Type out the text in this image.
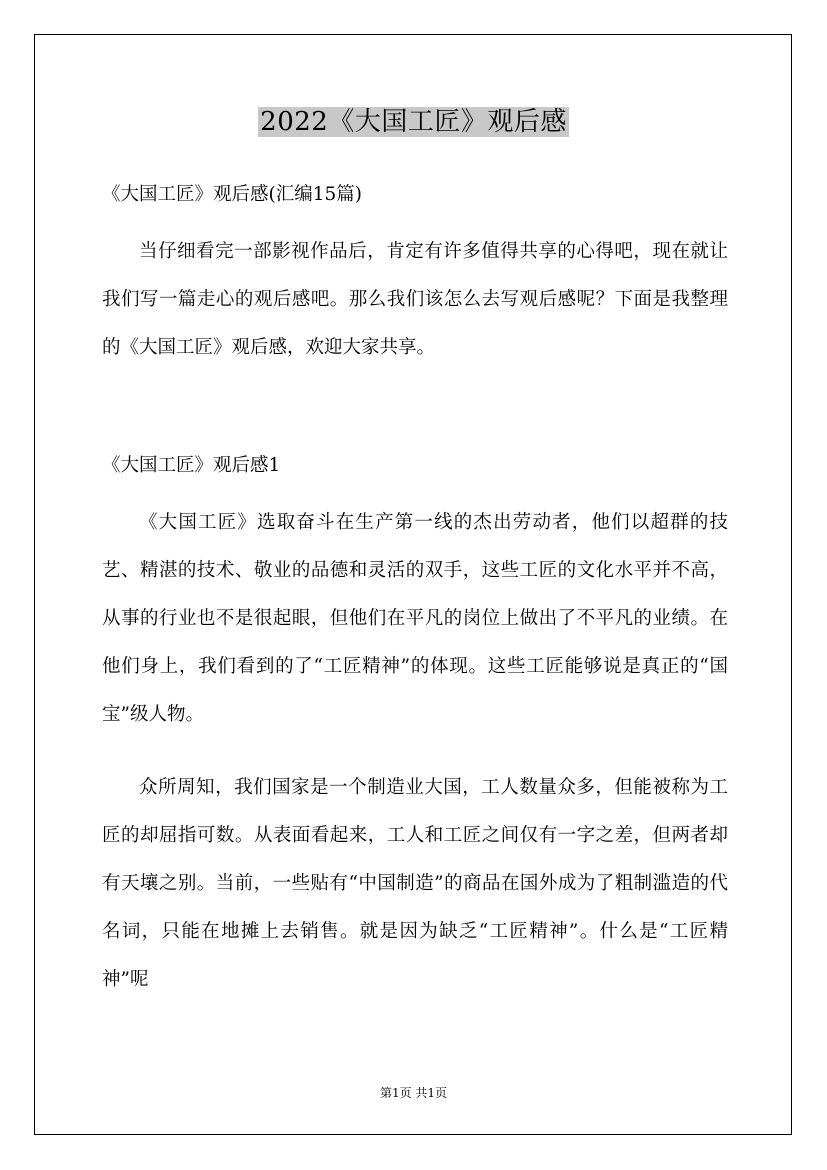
2022《大国工匠》观后感

《大国工匠》观后感(汇编15篇)

当仔细看完一部影视作品后，肯定有许多值得共享的心得吧，现在就让我们写一篇走心的观后感吧。那么我们该怎么去写观后感呢？下面是我整理的《大国工匠》观后感，欢迎大家共享。

《大国工匠》观后感1

《大国工匠》选取奋斗在生产第一线的杰出劳动者，他们以超群的技艺、精湛的技术、敬业的品德和灵活的双手，这些工匠的文化水平并不高，从事的行业也不是很起眼，但他们在平凡的岗位上做出了不平凡的业绩。在他们身上，我们看到的了“工匠精神”的体现。这些工匠能够说是真正的“国宝”级人物。

众所周知，我们国家是一个制造业大国，工人数量众多，但能被称为工匠的却屈指可数。从表面看起来，工人和工匠之间仅有一字之差，但两者却有天壤之别。当前，一些贴有“中国制造”的商品在国外成为了粗制滥造的代名词，只能在地摊上去销售。就是因为缺乏“工匠精神”。什么是“工匠精神”呢

第1页 共1页
